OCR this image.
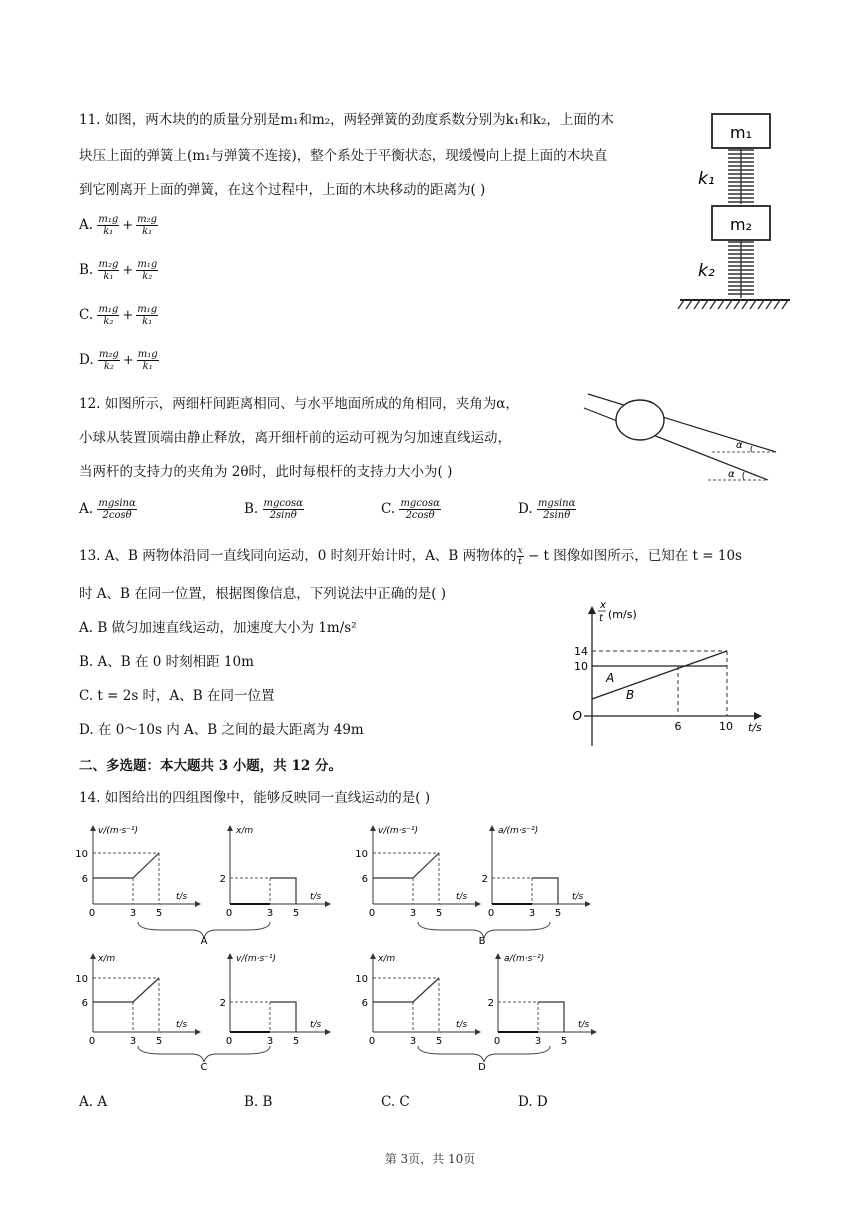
11. 如图，两木块的的质量分别是m₁和m₂，两轻弹簧的劲度系数分别为k₁和k₂，上面的木
块压上面的弹簧上(m₁与弹簧不连接)，整个系处于平衡状态，现缓慢向上提上面的木块直
到它刚离开上面的弹簧，在这个过程中，上面的木块移动的距离为( )
A. $\frac{\text{m₁g}}{\text{k₁}} + \frac{\text{m₂g}}{\text{k₁}}$
B. $\frac{\text{m₂g}}{\text{k₁}} + \frac{\text{m₁g}}{\text{k₂}}$
C. $\frac{\text{m₁g}}{\text{k₂}} + \frac{\text{m₁g}}{\text{k₁}}$
D. $\frac{\text{m₂g}}{\text{k₂}} + \frac{\text{m₁g}}{\text{k₁}}$
m₁
k₁
m₂
k₂
12. 如图所示，两细杆间距离相同、与水平地面所成的角相同，夹角为α，
小球从装置顶端由静止释放，离开细杆前的运动可视为匀加速直线运动，
当两杆的支持力的夹角为 2θ时，此时每根杆的支持力大小为( )
A. $\frac{mgsin\alpha}{2\cos\theta}$	B. $\frac{mgcos\alpha}{2\sin\theta}$	C. $\frac{mgcos\alpha}{2\cos\theta}$	D. $\frac{mgsin\alpha}{2\sin\theta}$
α
α
13. A、B 两物体沿同一直线同向运动，0 时刻开始计时，A、B 两物体的 $\frac{x}{t} - t$ 图像如图所示，已知在 t = 10s
时 A、B 在同一位置，根据图像信息，下列说法中正确的是( )
A. B 做匀加速直线运动，加速度大小为 1m/s²
B. A、B 在 0 时刻相距 10m
C. t = 2s 时，A、B 在同一位置
D. 在 0～10s 内 A、B 之间的最大距离为 49m
x
t (m/s)
14
10
O
6	10 t/s
A
B
二、多选题：本大题共 3 小题，共 12 分。
14. 如图给出的四组图像中，能够反映同一直线运动的是( )
v/(m·s⁻¹)
10
6
0	3 5
t/s
x/m
2
0	3 5
t/s
A
v/(m·s⁻¹)
10
6
0	3 5
t/s
a/(m·s⁻²)
2
0	3 5
t/s
B
x/m
10
6
0	3 5
t/s
v/(m·s⁻¹)
2
0	3 5
t/s
C
x/m
10
6
0	3 5
t/s
a/(m·s⁻²)
2
0	3 5
t/s
D
A. A	B. B	C. C	D. D
第 3页，共 10页
